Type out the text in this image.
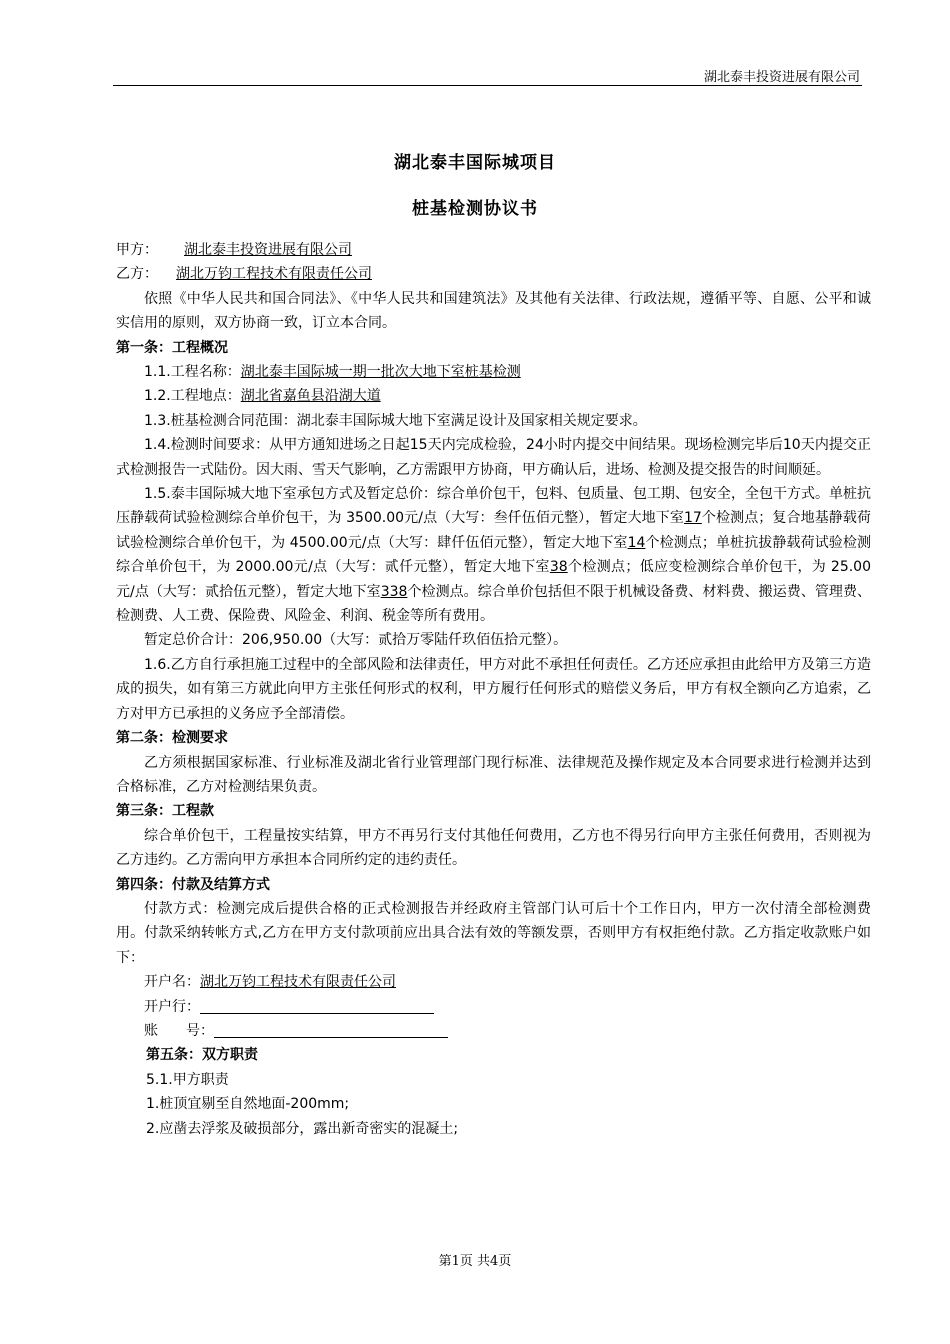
湖北泰丰投资进展有限公司
湖北泰丰国际城项目
桩基检测协议书
甲方： 湖北泰丰投资进展有限公司
乙方： 湖北万钧工程技术有限责任公司
依照《中华人民共和国合同法》、《中华人民共和国建筑法》及其他有关法律、行政法规，遵循平等、自愿、公平和诚实信用的原则，双方协商一致，订立本合同。
第一条：工程概况
1.1.工程名称：湖北泰丰国际城一期一批次大地下室桩基检测
1.2.工程地点：湖北省嘉鱼县沿湖大道
1.3.桩基检测合同范围：湖北泰丰国际城大地下室满足设计及国家相关规定要求。
1.4.检测时间要求：从甲方通知进场之日起15天内完成检验，24小时内提交中间结果。现场检测完毕后10天内提交正式检测报告一式陆份。因大雨、雪天气影响，乙方需跟甲方协商，甲方确认后，进场、检测及提交报告的时间顺延。
1.5.泰丰国际城大地下室承包方式及暂定总价：综合单价包干，包料、包质量、包工期、包安全，全包干方式。单桩抗压静载荷试验检测综合单价包干，为 3500.00元/点（大写：叁仟伍佰元整），暂定大地下室17个检测点；复合地基静载荷试验检测综合单价包干，为 4500.00元/点（大写：肆仟伍佰元整），暂定大地下室14个检测点；单桩抗拔静载荷试验检测综合单价包干，为 2000.00元/点（大写：贰仟元整），暂定大地下室38个检测点；低应变检测综合单价包干，为 25.00元/点（大写：贰拾伍元整），暂定大地下室338个检测点。综合单价包括但不限于机械设备费、材料费、搬运费、管理费、检测费、人工费、保险费、风险金、利润、税金等所有费用。
暂定总价合计：206,950.00（大写：贰拾万零陆仟玖佰伍拾元整）。
1.6.乙方自行承担施工过程中的全部风险和法律责任，甲方对此不承担任何责任。乙方还应承担由此给甲方及第三方造成的损失，如有第三方就此向甲方主张任何形式的权利，甲方履行任何形式的赔偿义务后，甲方有权全额向乙方追索，乙方对甲方已承担的义务应予全部清偿。
第二条：检测要求
乙方须根据国家标准、行业标准及湖北省行业管理部门现行标准、法律规范及操作规定及本合同要求进行检测并达到合格标准，乙方对检测结果负责。
第三条：工程款
综合单价包干，工程量按实结算，甲方不再另行支付其他任何费用，乙方也不得另行向甲方主张任何费用，否则视为乙方违约。乙方需向甲方承担本合同所约定的违约责任。
第四条：付款及结算方式
付款方式：检测完成后提供合格的正式检测报告并经政府主管部门认可后十个工作日内，甲方一次付清全部检测费用。付款采纳转帐方式,乙方在甲方支付款项前应出具合法有效的等额发票，否则甲方有权拒绝付款。乙方指定收款账户如下：
开户名：湖北万钧工程技术有限责任公司
开户行：
账 号：
第五条：双方职责
5.1.甲方职责
1.桩顶宜剔至自然地面-200mm;
2.应凿去浮浆及破损部分，露出新奇密实的混凝土;
第1页 共4页
